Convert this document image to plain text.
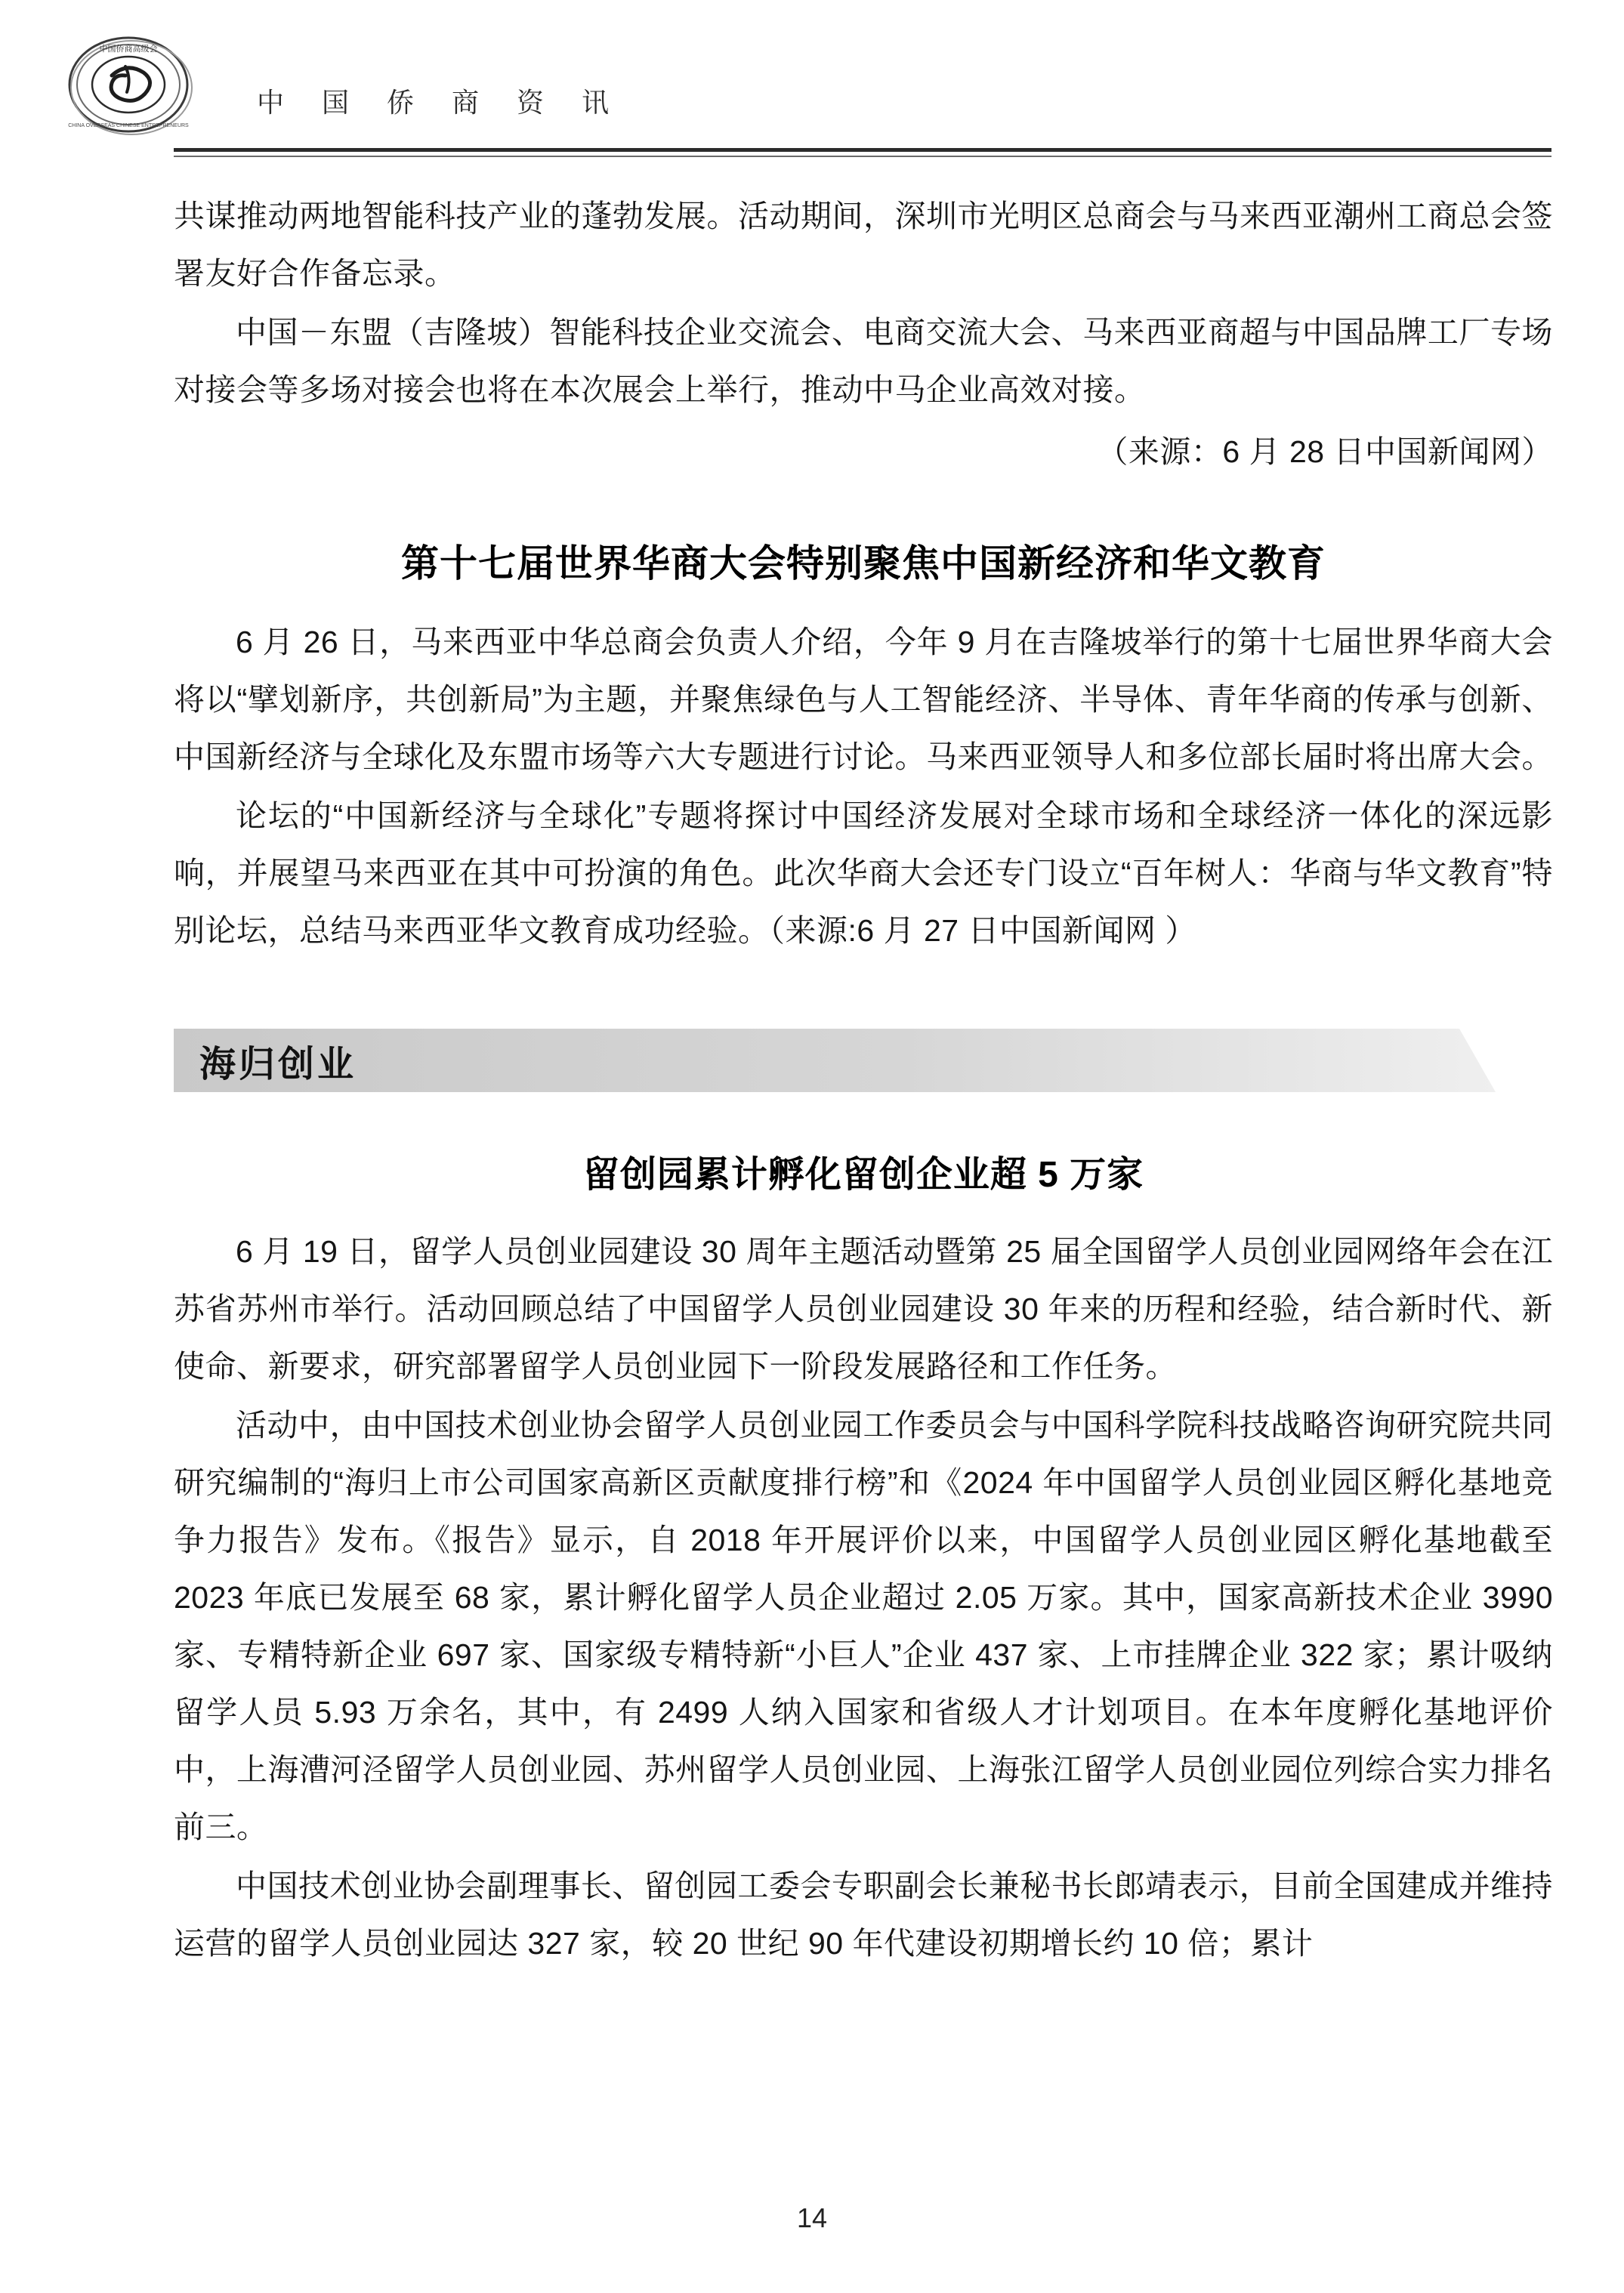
中国侨商高级会
CHINA OVERSEAS CHINESE ENTREPRENEURS
中 国 侨 商 资 讯

共谋推动两地智能科技产业的蓬勃发展。活动期间，深圳市光明区总商会与马来西亚潮州工商总会签署友好合作备忘录。

中国－东盟（吉隆坡）智能科技企业交流会、电商交流大会、马来西亚商超与中国品牌工厂专场对接会等多场对接会也将在本次展会上举行，推动中马企业高效对接。

（来源：6 月 28 日中国新闻网）

第十七届世界华商大会特别聚焦中国新经济和华文教育

6 月 26 日，马来西亚中华总商会负责人介绍，今年 9 月在吉隆坡举行的第十七届世界华商大会将以“擘划新序，共创新局”为主题，并聚焦绿色与人工智能经济、半导体、青年华商的传承与创新、中国新经济与全球化及东盟市场等六大专题进行讨论。马来西亚领导人和多位部长届时将出席大会。

论坛的“中国新经济与全球化”专题将探讨中国经济发展对全球市场和全球经济一体化的深远影响，并展望马来西亚在其中可扮演的角色。此次华商大会还专门设立“百年树人：华商与华文教育”特别论坛，总结马来西亚华文教育成功经验。（来源:6 月 27 日中国新闻网 ）

海归创业
留创园累计孵化留创企业超 5 万家

6 月 19 日，留学人员创业园建设 30 周年主题活动暨第 25 届全国留学人员创业园网络年会在江苏省苏州市举行。活动回顾总结了中国留学人员创业园建设 30 年来的历程和经验，结合新时代、新使命、新要求，研究部署留学人员创业园下一阶段发展路径和工作任务。

活动中，由中国技术创业协会留学人员创业园工作委员会与中国科学院科技战略咨询研究院共同研究编制的“海归上市公司国家高新区贡献度排行榜”和《2024 年中国留学人员创业园区孵化基地竞争力报告》发布。《报告》显示，自 2018 年开展评价以来，中国留学人员创业园区孵化基地截至 2023 年底已发展至 68 家，累计孵化留学人员企业超过 2.05 万家。其中，国家高新技术企业 3990 家、专精特新企业 697 家、国家级专精特新“小巨人”企业 437 家、上市挂牌企业 322 家；累计吸纳留学人员 5.93 万余名，其中，有 2499 人纳入国家和省级人才计划项目。在本年度孵化基地评价中，上海漕河泾留学人员创业园、苏州留学人员创业园、上海张江留学人员创业园位列综合实力排名前三。

中国技术创业协会副理事长、留创园工委会专职副会长兼秘书长郎靖表示，目前全国建成并维持运营的留学人员创业园达 327 家，较 20 世纪 90 年代建设初期增长约 10 倍；累计

14
